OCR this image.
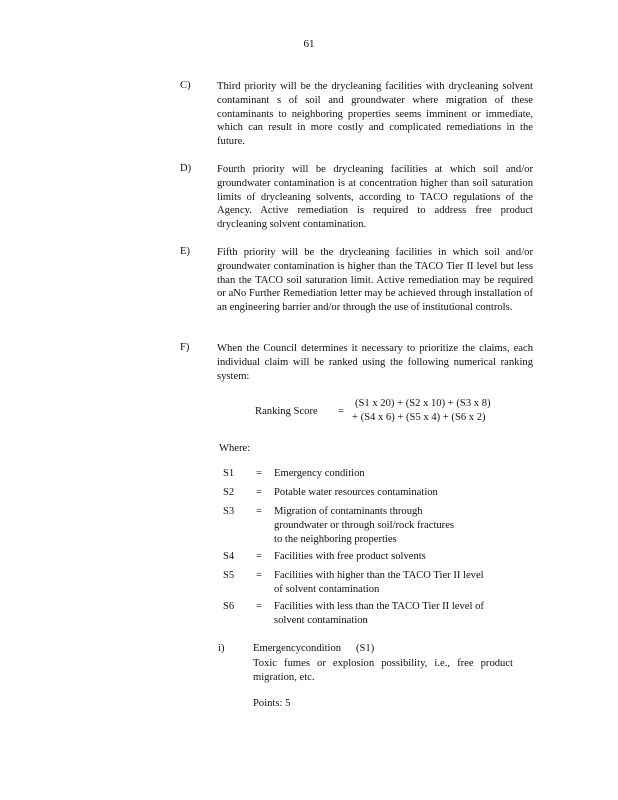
61
C) Third priority will be the drycleaning facilities with drycleaning solvent contaminant s of soil and groundwater where migration of these contaminants to neighboring properties seems imminent or immediate, which can result in more costly and complicated remediations in the future.
D) Fourth priority will be drycleaning facilities at which soil and/or groundwater contamination is at concentration higher than soil saturation limits of drycleaning solvents, according to TACO regulations of the Agency. Active remediation is required to address free product drycleaning solvent contamination.
E)	Fifth priority will be the drycleaning facilities in which soil and/or groundwater contamination is higher than the TACO Tier II level but less than the TACO soil saturation limit. Active remediation may be required or aNo Further Remediation letter may be achieved through installation of an engineering barrier and/or through the use of institutional controls.
F)	When the Council determines it necessary to prioritize the claims, each individual claim will be ranked using the following numerical ranking system:
Ranking Score =
(S1 x 20) + (S2 x 10) + (S3 x 8)
+ (S4 x 6) + (S5 x 4) + (S6 x 2)
Where:
S1 = Emergency condition
S2 = Potable water resources contamination
S3 = Migration of contaminants through groundwater or through soil/rock fractures to the neighboring properties
S4 = Facilities with free product solvents
S5 = Facilities with higher than the TACO Tier II level of solvent contamination
S6 = Facilities with less than the TACO Tier II level of solvent contamination
i)	Emergencycondition (S1)
Toxic fumes or explosion possibility, i.e., free product migration, etc.
Points: 5
